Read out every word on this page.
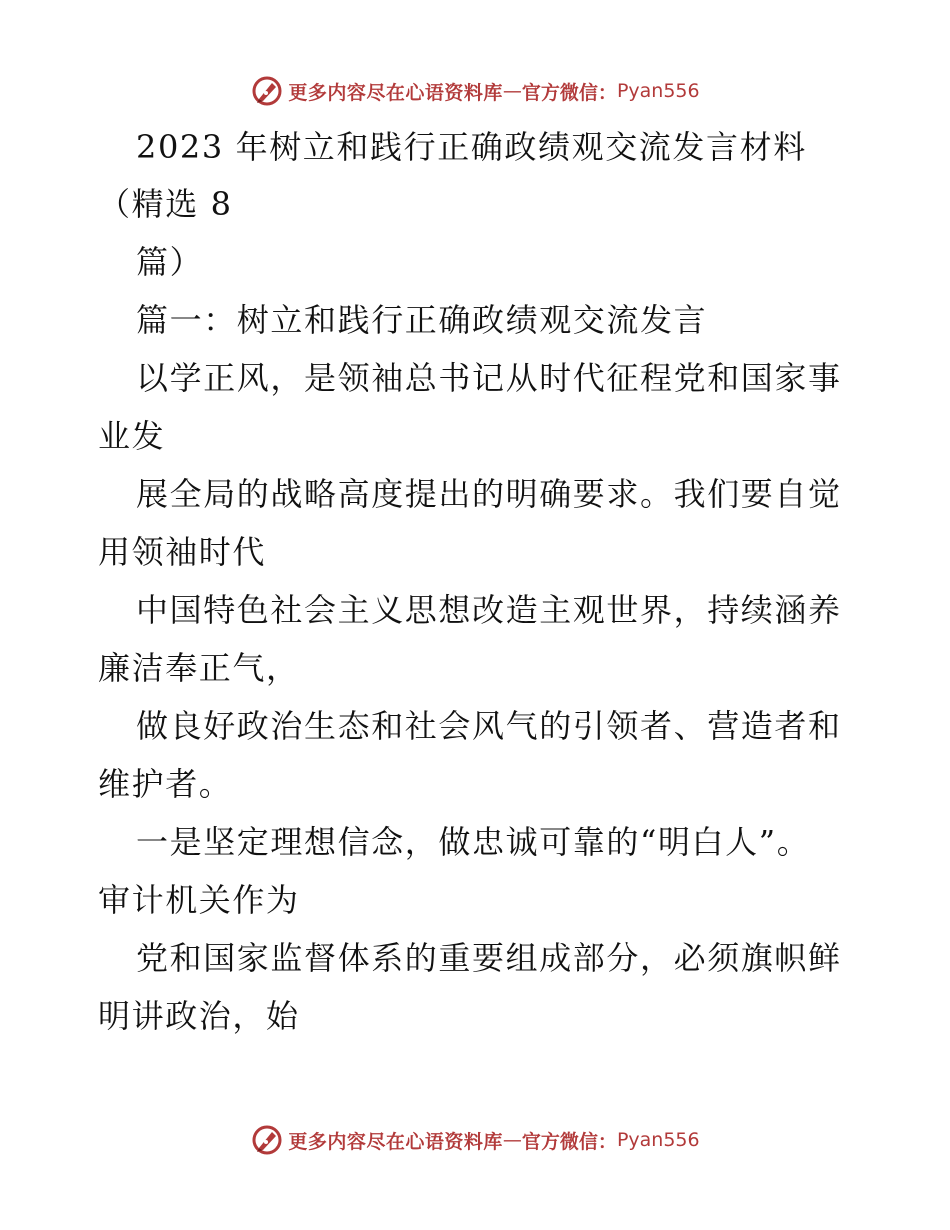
更多内容尽在心语资料库 — 官方微信： Pyan556
2023 年树立和践行正确政绩观交流发言材料
（精选 8
篇）
篇一：树立和践行正确政绩观交流发言
以学正风，是领袖总书记从时代征程党和国家事
业发
展全局的战略高度提出的明确要求。我们要自觉
用领袖时代
中国特色社会主义思想改造主观世界，持续涵养
廉洁奉正气，
做良好政治生态和社会风气的引领者、营造者和
维护者。
一是坚定理想信念，做忠诚可靠的“明白人”。
审计机关作为
党和国家监督体系的重要组成部分，必须旗帜鲜
明讲政治，始
更多内容尽在心语资料库 — 官方微信： Pyan556
